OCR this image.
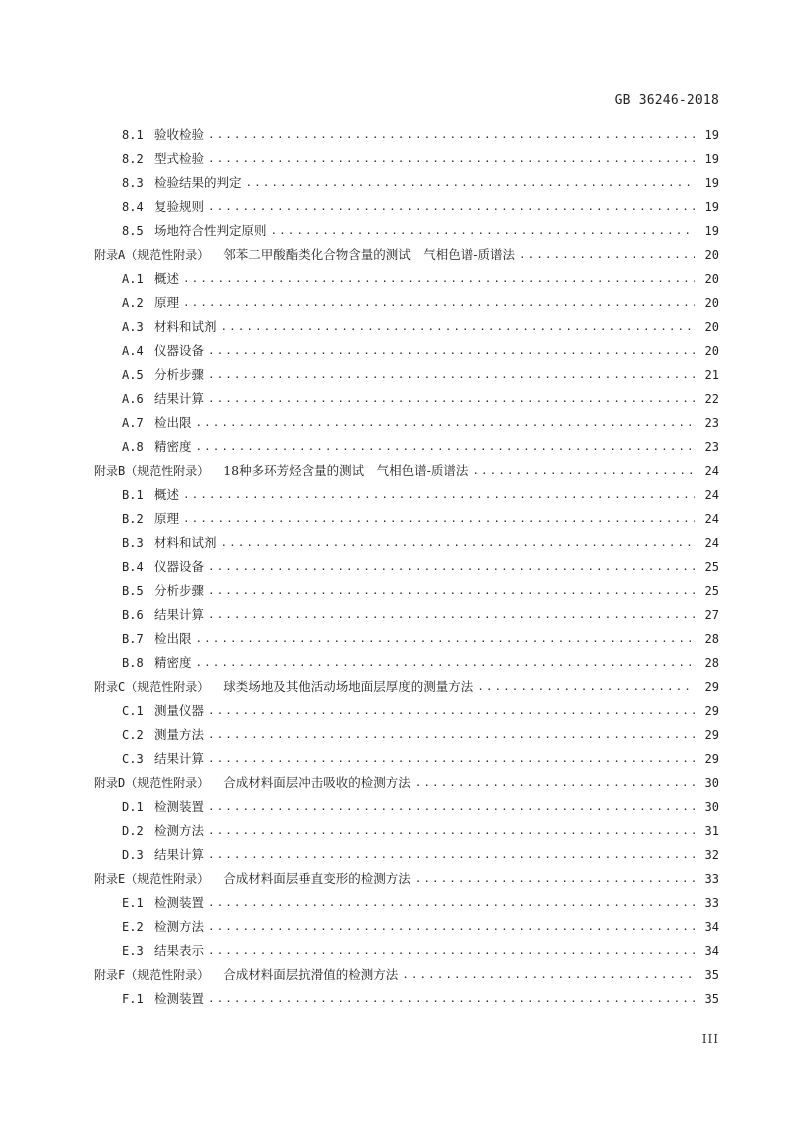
GB 36246-2018
8.1 验收检验 .....	19
8.2 型式检验 .....	19
8.3 检验结果的判定 .....	19
8.4 复验规则 .....	19
8.5 场地符合性判定原则 .....	19
附录A（规范性附录） 邻苯二甲酸酯类化合物含量的测试　气相色谱-质谱法 .....	20
A.1 概述 .....	20
A.2 原理 .....	20
A.3 材料和试剂 .....	20
A.4 仪器设备 .....	20
A.5 分析步骤 .....	21
A.6 结果计算 .....	22
A.7 检出限 .....	23
A.8 精密度 .....	23
附录B（规范性附录） 18种多环芳烃含量的测试　气相色谱-质谱法 .....	24
B.1 概述 .....	24
B.2 原理 .....	24
B.3 材料和试剂 .....	24
B.4 仪器设备 .....	25
B.5 分析步骤 .....	25
B.6 结果计算 .....	27
B.7 检出限 .....	28
B.8 精密度 .....	28
附录C（规范性附录） 球类场地及其他活动场地面层厚度的测量方法 .....	29
C.1 测量仪器 .....	29
C.2 测量方法 .....	29
C.3 结果计算 .....	29
附录D（规范性附录） 合成材料面层冲击吸收的检测方法 .....	30
D.1 检测装置 .....	30
D.2 检测方法 .....	31
D.3 结果计算 .....	32
附录E（规范性附录） 合成材料面层垂直变形的检测方法 .....	33
E.1 检测装置 .....	33
E.2 检测方法 .....	34
E.3 结果表示 .....	34
附录F（规范性附录） 合成材料面层抗滑值的检测方法 .....	35
F.1 检测装置 .....	35
III
